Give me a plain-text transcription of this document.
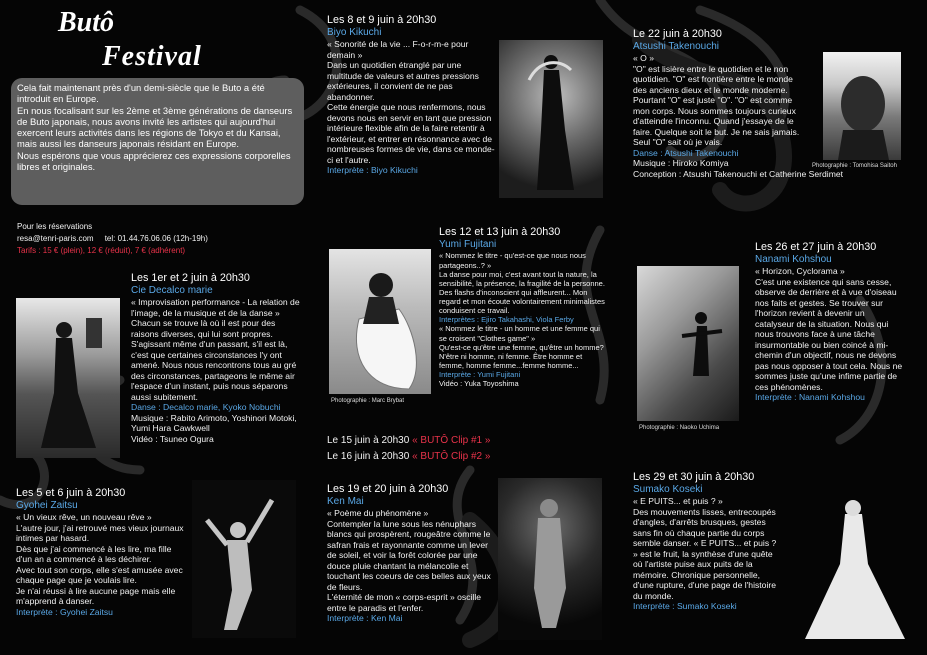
Butô
Festival

Cela fait maintenant près d'un demi-siècle que le Buto a été introduit en Europe.

En nous focalisant sur les 2ème et 3ème générations de danseurs de Buto japonais, nous avons invité les artistes qui aujourd'hui exercent leurs activités dans les régions de Tokyo et du Kansai, mais aussi les danseurs japonais résidant en Europe.

Nous espérons que vous apprécierez ces expressions corporelles libres et originales.

Pour les réservations
resa@tenri-paris.com     tel: 01.44.76.06.06 (12h-19h)
Tarifs : 15 € (plein), 12 € (réduit), 7 € (adhérent)
Les 1er et 2 juin à 20h30
Cie Decalco marie
« Improvisation performance - La relation de l'image, de la musique et de la danse »
Chacun se trouve là où il est pour des raisons diverses, qui lui sont propres. S'agissant même d'un passant, s'il est là, c'est que certaines circonstances l'y ont amené. Nous nous rencontrons tous au gré des circonstances, partageons le même air l'espace d'un instant, puis nous séparons aussi subitement.
Danse : Decalco marie, Kyoko Nobuchi
Musique : Rabito Arimoto, Yoshinori Motoki, Yumi Hara Cawkwell
Vidéo : Tsuneo Ogura
Les 8 et 9 juin à 20h30
Biyo Kikuchi
« Sonorité de la vie ... F-o-r-m-e pour demain »
Dans un quotidien étranglé par une multitude de valeurs et autres pressions extérieures, il convient de ne pas abandonner.
Cette énergie que nous renfermons, nous devons nous en servir en tant que pression intérieure flexible afin de la faire retentir à l'extérieur, et entrer en résonnance avec de nombreuses formes de vie, dans ce monde-ci et l'autre.
Interprète : Biyo Kikuchi
Le 22 juin à 20h30
Atsushi Takenouchi
« O »
"O" est lisière entre le quotidien et le non quotidien. "O" est frontière entre le monde des anciens dieux et le monde moderne. Pourtant "O" est juste "O". "O" est comme mon corps. Nous sommes toujours curieux d'atteindre l'inconnu. Quand j'essaye de le faire. Quelque soit le but. Je ne sais jamais. Seul "O" sait où je vais.
Danse : Atsushi Takenouchi
Musique : Hiroko Komiya
Conception : Atsushi Takenouchi et Catherine Serdimet
Photographie : Tomohisa Saitoh
Photographie : Marc Brybat
Les 12 et 13 juin à 20h30
Yumi Fujitani
« Nommez le titre - qu'est-ce que nous nous partageons..? »
La danse pour moi, c'est avant tout la nature, la sensibilité, la présence, la fragilité de la personne. Des flashs d'inconscient qui affleurent... Mon regard et mon écoute volontairement minimalistes conduisent ce travail.
Interprètes : Ejiro Takahashi, Viola Ferby
« Nommez le titre - un homme et une femme qui se croisent "Clothes game" »
Qu'est-ce qu'être une femme, qu'être un homme? N'être ni homme, ni femme. Être homme et femme, homme femme...femme homme...
Interprète : Yumi Fujitani
Vidéo : Yuka Toyoshima
Le 15 juin à 20h30 « BUTÔ Clip #1 »
Le 16 juin à 20h30 « BUTÔ Clip #2 »
Photographie : Naoko Uchima
Les 26 et 27 juin à 20h30
Nanami Kohshou
« Horizon, Cyclorama »
C'est une existence qui sans cesse, observe de derrière et à vue d'oiseau nos faits et gestes. Se trouver sur l'horizon revient à devenir un catalyseur de la situation. Nous qui nous trouvons face à une tâche insurmontable ou bien coincé à mi-chemin d'un objectif, nous ne devons pas nous opposer à tout cela. Nous ne sommes juste qu'une infime partie de ces phénomènes.
Interprète : Nanami Kohshou
Les 5 et 6 juin à 20h30
Gyohei Zaitsu
« Un vieux rêve, un nouveau rêve »
L'autre jour, j'ai retrouvé mes vieux journaux intimes par hasard.
Dès que j'ai commencé à les lire, ma fille d'un an a commencé à les déchirer.
Avec tout son corps, elle s'est amusée avec chaque page que je voulais lire.
Je n'ai réussi à lire aucune page mais elle m'apprend à danser.
Interprète : Gyohei Zaitsu
Les 19 et 20 juin à 20h30
Ken Mai
« Poème du phénomène »
Contempler la lune sous les nénuphars blancs qui prospèrent, rougeâtre comme le safran frais et rayonnante comme un lever de soleil, et voir la forêt colorée par une douce pluie chantant la mélancolie et touchant les coeurs de ces belles aux yeux de fleurs.
L'éternité de mon « corps-esprit » oscille entre le paradis et l'enfer.
Interprète : Ken Mai
Les 29 et 30 juin à 20h30
Sumako Koseki
« E PUITS... et puis ? »
Des mouvements lisses, entrecoupés d'angles, d'arrêts brusques, gestes sans fin où chaque partie du corps semble danser. « E PUITS... et puis ? » est le fruit, la synthèse d'une quête où l'artiste puise aux puits de la mémoire. Chronique personnelle, d'une rupture, d'une page de l'histoire du monde.
Interprète : Sumako Koseki
